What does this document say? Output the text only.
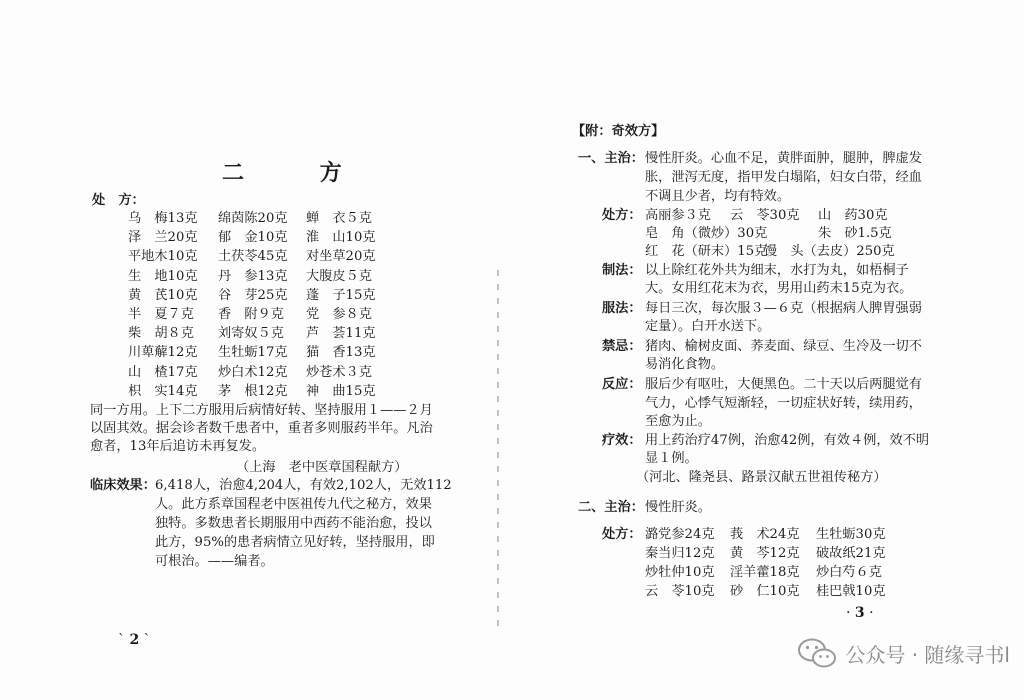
二 方
处　方：
乌　梅13克 绵茵陈20克 蝉　衣５克
泽　兰20克 郁　金10克 淮　山10克
平地木10克 土茯苓45克 对坐草20克
生　地10克 丹　参13克 大腹皮５克
黄　芪10克 谷　芽25克 蓬　子15克
半　夏７克 香　附９克 党　参８克
柴　胡８克 刘寄奴５克 芦　荟11克
川萆薢12克 生牡蛎17克 猫　香13克
山　楂17克 炒白术12克 炒苍术３克
枳　实14克 茅　根12克 神　曲15克
同一方用。上下二方服用后病情好转、坚持服用１——２月
以固其效。据会诊者数千患者中，重者多则服药半年。凡治
愈者，13年后追访未再复发。
（上海　老中医章国程献方）
临床效果： 6,418人，治愈4,204人，有效2,102人，无效112
人。此方系章国程老中医祖传九代之秘方，效果
独特。多数患者长期服用中西药不能治愈，投以
此方，95%的患者病情立见好转，坚持服用，即
可根治。——编者。
` 2 ˋ
【附：奇效方】
一、主治： 慢性肝炎。心血不足，黄胖面肿，腿肿，脾虚发
胀，泄泻无度，指甲发白塌陷，妇女白带，经血
不调且少者，均有特效。
处方： 高丽参３克 云　苓30克 山　药30克
皂　角（微炒）30克	朱　砂1.5克
红　花（研末）15克
馒　头（去皮）250克
制法： 以上除红花外共为细末，水打为丸，如梧桐子
大。女用红花末为衣，男用山药末15克为衣。
服法： 每日三次，每次服３—６克（根据病人脾胃强弱
定量）。白开水送下。
禁忌： 猪肉、榆树皮面、荞麦面、绿豆、生冷及一切不
易消化食物。
反应： 服后少有呕吐，大便黑色。二十天以后两腿觉有
气力，心悸气短渐轻，一切症状好转，续用药，
至愈为止。
疗效： 用上药治疗47例，治愈42例，有效４例，效不明
显１例。
（河北、隆尧县、路景汉献五世祖传秘方）
二、主治： 慢性肝炎。
处方： 潞党参24克 莪　术24克 生牡蛎30克
秦当归12克 黄　芩12克 破故纸21克
炒牡仲10克 淫羊藿18克 炒白芍６克
云　苓10克 砂　仁10克 桂巴戟10克
· 3 ·
公众号 · 随缘寻书l
